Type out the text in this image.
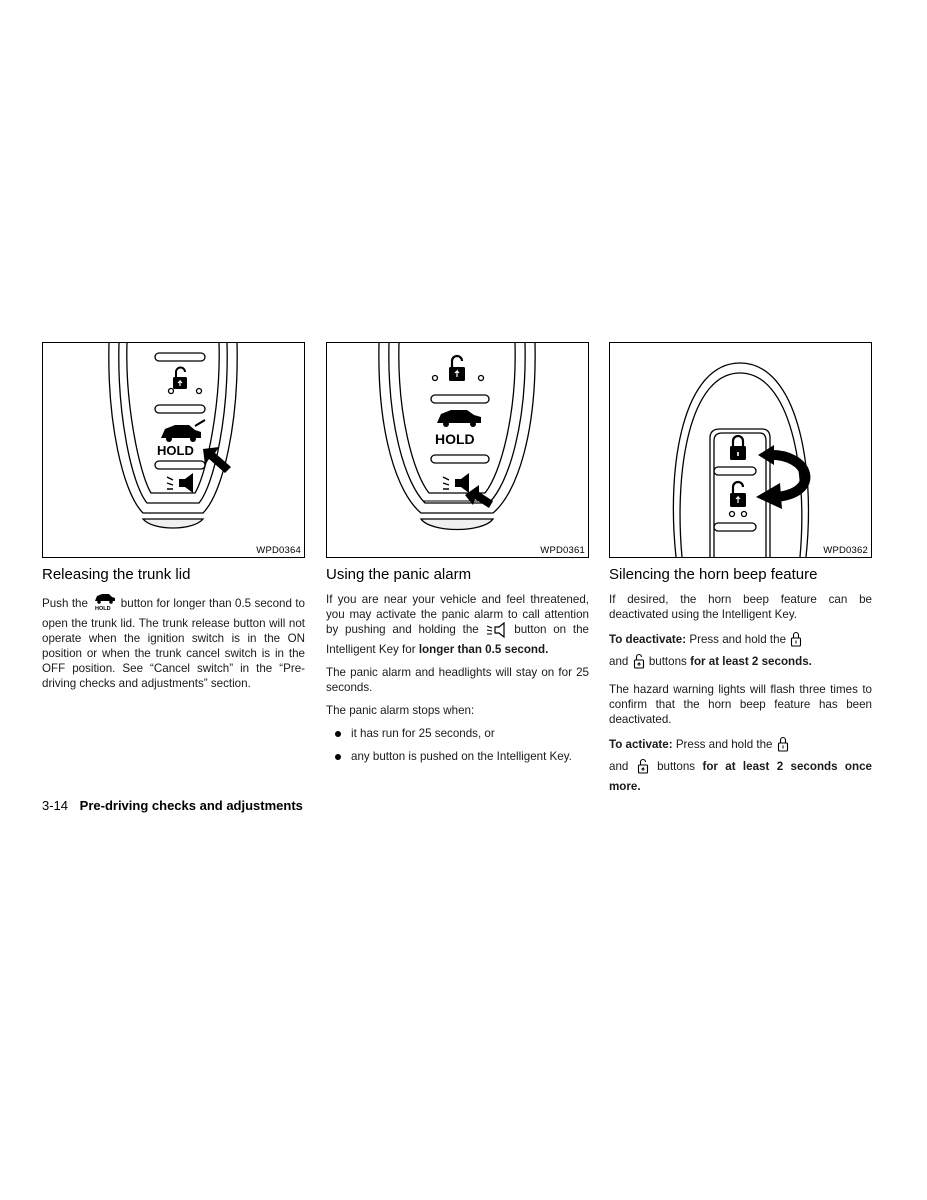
HOLD
WPD0364
Releasing the trunk lid

Push the HOLD button for longer than 0.5 second to open the trunk lid. The trunk release button will not operate when the ignition switch is in the ON position or when the trunk cancel switch is in the OFF position. See “Cancel switch” in the “Pre-driving checks and adjustments” section.

HOLD
WPD0361
Using the panic alarm

If you are near your vehicle and feel threatened, you may activate the panic alarm to call attention by pushing and holding the	button on the Intelligent Key for longer than 0.5 second.

The panic alarm and headlights will stay on for 25 seconds.

The panic alarm stops when:

it has run for 25 seconds, or
any button is pushed on the Intelligent Key.
WPD0362
Silencing the horn beep feature

If desired, the horn beep feature can be deactivated using the Intelligent Key.

To deactivate: Press and hold the
and buttons for at least 2 seconds.

The hazard warning lights will flash three times to confirm that the horn beep feature has been deactivated.

To activate: Press and hold the
and buttons for at least 2 seconds once more.

3-14 Pre-driving checks and adjustments
